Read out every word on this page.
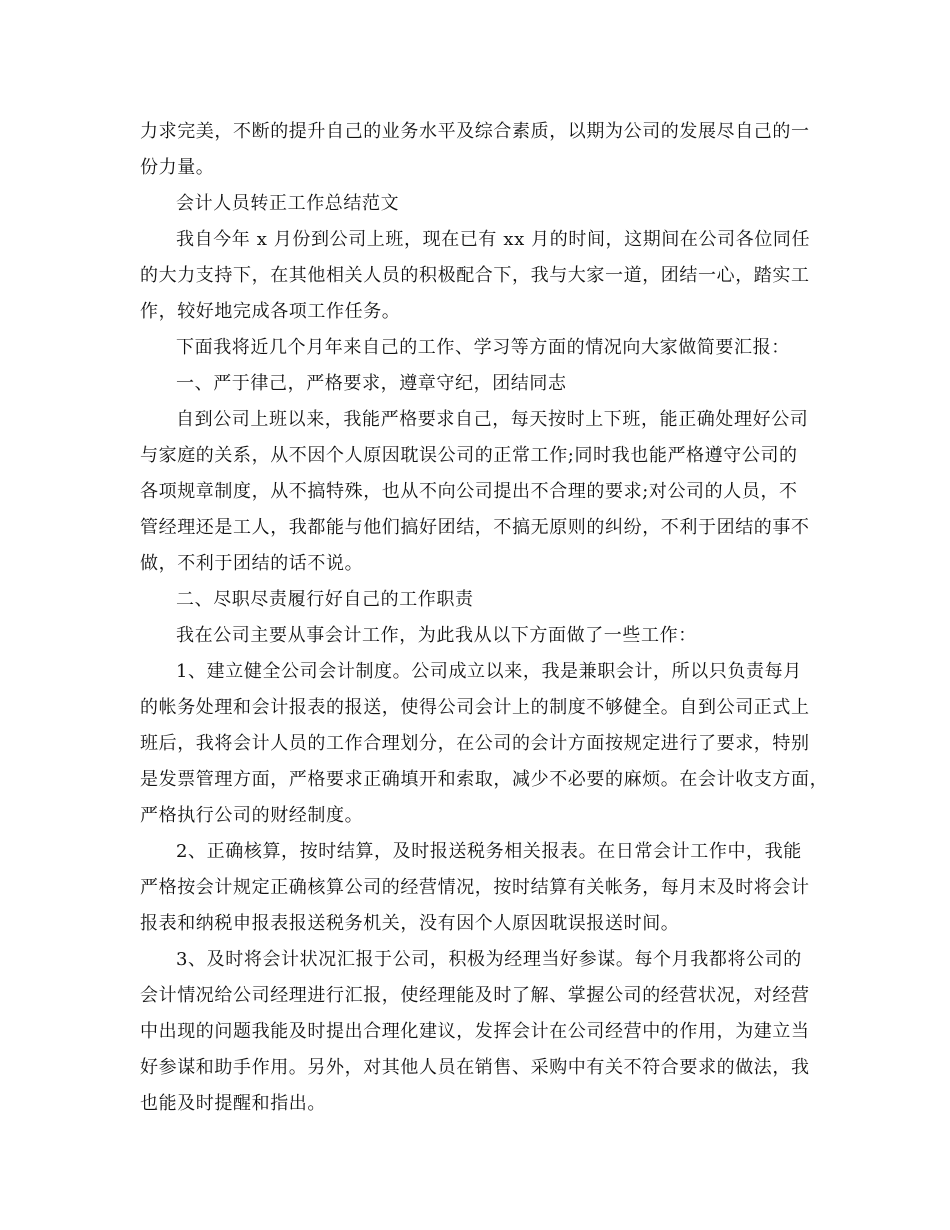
力求完美，不断的提升自己的业务水平及综合素质，以期为公司的发展尽自己的一
份力量。
会计人员转正工作总结范文
我自今年 x 月份到公司上班，现在已有 xx 月的时间，这期间在公司各位同任
的大力支持下，在其他相关人员的积极配合下，我与大家一道，团结一心，踏实工
作，较好地完成各项工作任务。
下面我将近几个月年来自己的工作、学习等方面的情况向大家做简要汇报：
一、严于律己，严格要求，遵章守纪，团结同志
自到公司上班以来，我能严格要求自己，每天按时上下班，能正确处理好公司
与家庭的关系，从不因个人原因耽误公司的正常工作;同时我也能严格遵守公司的
各项规章制度，从不搞特殊，也从不向公司提出不合理的要求;对公司的人员，不
管经理还是工人，我都能与他们搞好团结，不搞无原则的纠纷，不利于团结的事不
做，不利于团结的话不说。
二、尽职尽责履行好自己的工作职责
我在公司主要从事会计工作，为此我从以下方面做了一些工作：
1、建立健全公司会计制度。公司成立以来，我是兼职会计，所以只负责每月
的帐务处理和会计报表的报送，使得公司会计上的制度不够健全。自到公司正式上
班后，我将会计人员的工作合理划分，在公司的会计方面按规定进行了要求，特别
是发票管理方面，严格要求正确填开和索取，减少不必要的麻烦。在会计收支方面，
严格执行公司的财经制度。
2、正确核算，按时结算，及时报送税务相关报表。在日常会计工作中，我能
严格按会计规定正确核算公司的经营情况，按时结算有关帐务，每月末及时将会计
报表和纳税申报表报送税务机关，没有因个人原因耽误报送时间。
3、及时将会计状况汇报于公司，积极为经理当好参谋。每个月我都将公司的
会计情况给公司经理进行汇报，使经理能及时了解、掌握公司的经营状况，对经营
中出现的问题我能及时提出合理化建议，发挥会计在公司经营中的作用，为建立当
好参谋和助手作用。另外，对其他人员在销售、采购中有关不符合要求的做法，我
也能及时提醒和指出。
